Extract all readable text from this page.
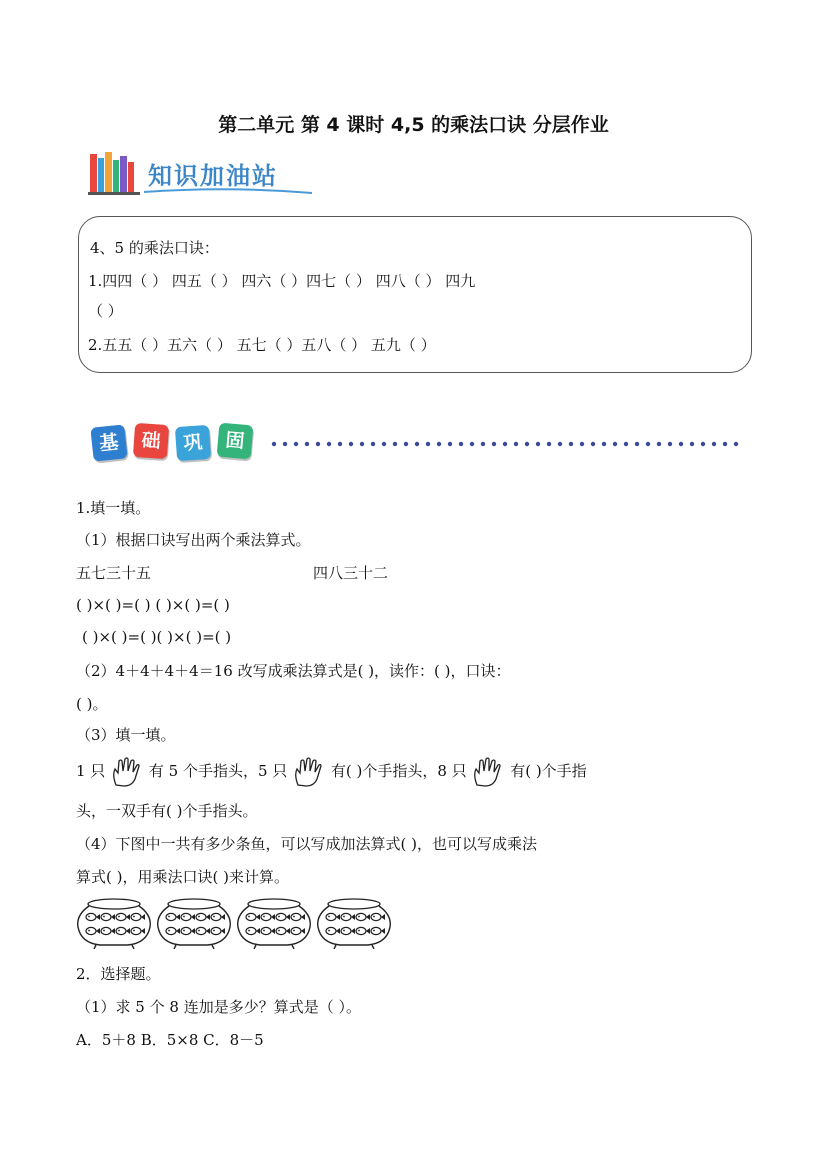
第二单元 第 4 课时 4,5 的乘法口诀 分层作业
知识加油站
4、5 的乘法口诀：
1.四四（ ） 四五（ ） 四六（ ）四七（ ） 四八（ ） 四九
（ ）
2.五五（ ）五六（ ） 五七（ ）五八（ ） 五九（ ）
基	础	巩	固
1.填一填。
（1）根据口诀写出两个乘法算式。
五七三十五	四八三十二
( )×( )=( ) ( )×( )=( )
( )×( )=( )( )×( )=( )
（2）4＋4＋4＋4＝16 改写成乘法算式是( )，读作：( )，口诀：
( )。
（3）填一填。
1 只	有 5 个手指头，5 只	有( )个手指头，8 只	有( )个手指
头，一双手有( )个手指头。
（4）下图中一共有多少条鱼，可以写成加法算式( )，也可以写成乘法
算式( )，用乘法口诀( )来计算。
2．选择题。
（1）求 5 个 8 连加是多少？算式是（ ）。
A．5＋8 B．5×8 C．8－5
